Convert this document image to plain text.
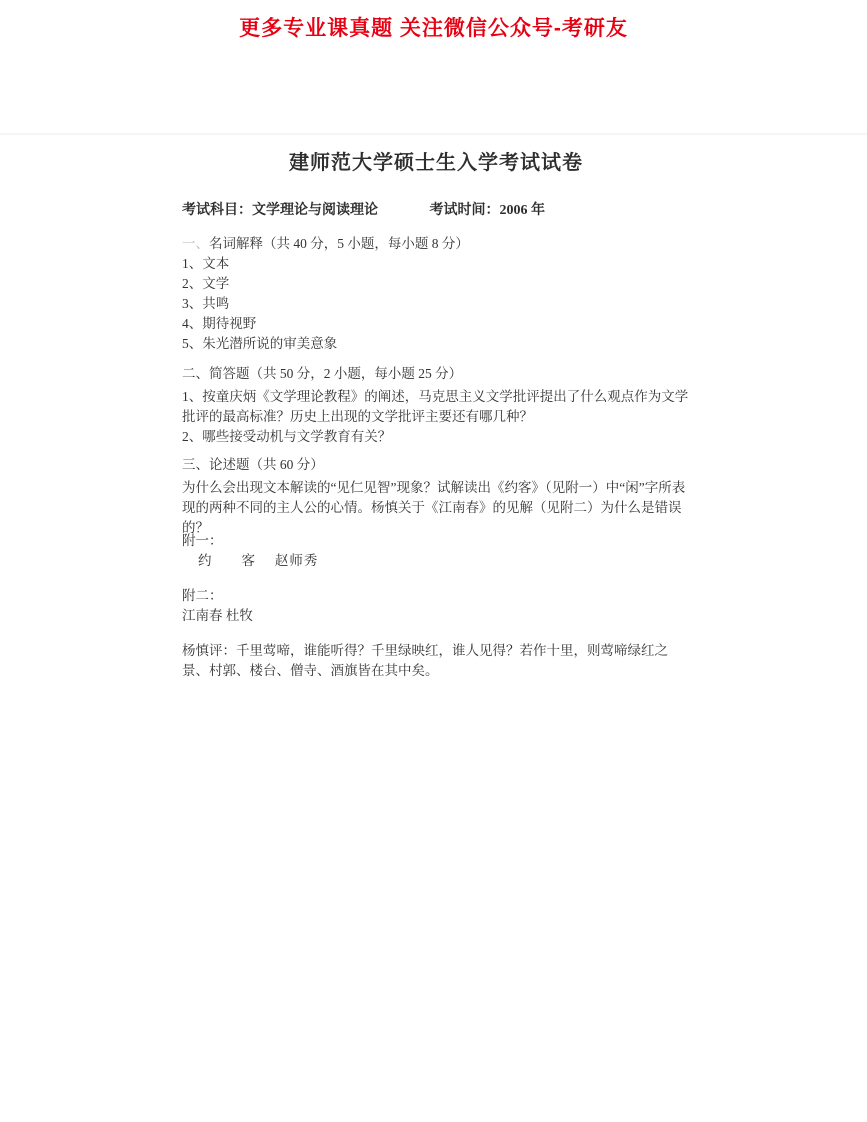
更多专业课真题 关注微信公众号-考研友
建师范大学硕士生入学考试试卷
考试科目：文学理论与阅读理论	考试时间：2006 年
一、名词解释（共 40 分，5 小题，每小题 8 分）
1、文本
2、文学
3、共鸣
4、期待视野
5、朱光潜所说的审美意象
二、简答题（共 50 分，2 小题，每小题 25 分）
1、按童庆炳《文学理论教程》的阐述，马克思主义文学批评提出了什么观点作为文学批评的最高标准？历史上出现的文学批评主要还有哪几种？
2、哪些接受动机与文学教育有关？
三、论述题（共 60 分）
为什么会出现文本解读的“见仁见智”现象？试解读出《约客》（见附一）中“闲”字所表现的两种不同的主人公的心情。杨慎关于《江南春》的见解（见附二）为什么是错误的？
附一：
约　　客　 赵师秀
附二：
江南春 杜牧
杨慎评：千里莺啼，谁能听得？千里绿映红，谁人见得？若作十里，则莺啼绿红之景、村郭、楼台、僧寺、酒旗皆在其中矣。
